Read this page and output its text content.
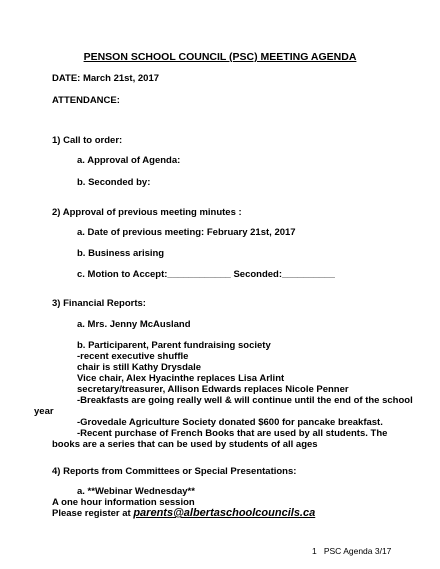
PENSON SCHOOL COUNCIL (PSC) MEETING AGENDA
DATE: March 21st, 2017
ATTENDANCE:
1) Call to order:
a. Approval of Agenda:
b. Seconded by:
2) Approval of previous meeting minutes :
a. Date of previous meeting: February 21st, 2017
b. Business arising
c. Motion to Accept:____________ Seconded:__________
3) Financial Reports:
a. Mrs. Jenny McAusland
b. Participarent, Parent fundraising society
-recent executive shuffle
chair is still Kathy Drysdale
Vice chair, Alex Hyacinthe replaces Lisa Arlint
secretary/treasurer, Allison Edwards replaces Nicole Penner
-Breakfasts are going really well & will continue until the end of the school
year
-Grovedale Agriculture Society donated $600 for pancake breakfast.
-Recent purchase of French Books that are used by all students. The
books are a series that can be used by students of all ages
4) Reports from Committees or Special Presentations:
a. **Webinar Wednesday**
A one hour information session
Please register at parents@albertaschoolcouncils.ca
1 PSC Agenda 3/17
